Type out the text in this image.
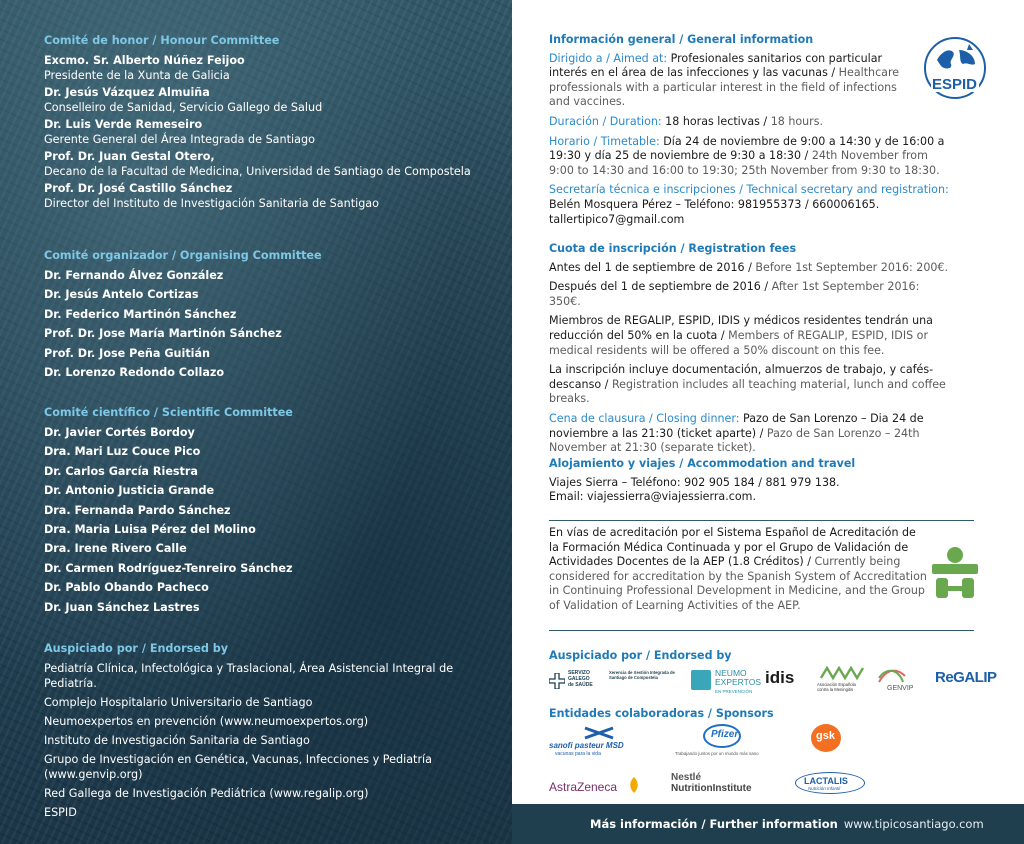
Comité de honor / Honour Committee
Excmo. Sr. Alberto Núñez Feijoo
Presidente de la Xunta de Galicia
Dr. Jesús Vázquez Almuiña
Conselleiro de Sanidad, Servicio Gallego de Salud
Dr. Luis Verde Remeseiro
Gerente General del Área Integrada de Santiago
Prof. Dr. Juan Gestal Otero,
Decano de la Facultad de Medicina, Universidad de Santiago de Compostela
Prof. Dr. José Castillo Sánchez
Director del Instituto de Investigación Sanitaria de Santigao
Comité organizador / Organising Committee
Dr. Fernando Álvez González
Dr. Jesús Antelo Cortizas
Dr. Federico Martinón Sánchez
Prof. Dr. Jose María Martinón Sánchez
Prof. Dr. Jose Peña Guitián
Dr. Lorenzo Redondo Collazo
Comité científico / Scientific Committee
Dr. Javier Cortés Bordoy
Dra. Mari Luz Couce Pico
Dr. Carlos García Riestra
Dr. Antonio Justicia Grande
Dra. Fernanda Pardo Sánchez
Dra. Maria Luisa Pérez del Molino
Dra. Irene Rivero Calle
Dr. Carmen Rodríguez-Tenreiro Sánchez
Dr. Pablo Obando Pacheco
Dr. Juan Sánchez Lastres
Auspiciado por / Endorsed by
Pediatría Clínica, Infectológica y Traslacional, Área Asistencial Integral de Pediatría.
Complejo Hospitalario Universitario de Santiago
Neumoexpertos en prevención (www.neumoexpertos.org)
Instituto de Investigación Sanitaria de Santiago
Grupo de Investigación en Genética, Vacunas, Infecciones y Pediatría (www.genvip.org)
Red Gallega de Investigación Pediátrica (www.regalip.org)
ESPID
ESPID
Información general / General information
Dirigido a / Aimed at: Profesionales sanitarios con particular interés en el área de las infecciones y las vacunas / Healthcare professionals with a particular interest in the field of infections and vaccines.
Duración / Duration: 18 horas lectivas / 18 hours.
Horario / Timetable: Día 24 de noviembre de 9:00 a 14:30 y de 16:00 a 19:30 y día 25 de noviembre de 9:30 a 18:30 / 24th November from 9:00 to 14:30 and 16:00 to 19:30; 25th November from 9:30 to 18:30.
Secretaría técnica e inscripciones / Technical secretary and registration: Belén Mosquera Pérez – Teléfono: 981955373 / 660006165. tallertipico7@gmail.com
Cuota de inscripción / Registration fees
Antes del 1 de septiembre de 2016 / Before 1st September 2016: 200€.
Después del 1 de septiembre de 2016 / After 1st September 2016: 350€.
Miembros de REGALIP, ESPID, IDIS y médicos residentes tendrán una reducción del 50% en la cuota / Members of REGALIP, ESPID, IDIS or medical residents will be offered a 50% discount on this fee.
La inscripción incluye documentación, almuerzos de trabajo, y cafés-descanso / Registration includes all teaching material, lunch and coffee breaks.
Cena de clausura / Closing dinner: Pazo de San Lorenzo – Dia 24 de noviembre a las 21:30 (ticket aparte) / Pazo de San Lorenzo – 24th November at 21:30 (separate ticket).
Alojamiento y viajes / Accommodation and travel
Viajes Sierra – Teléfono: 902 905 184 / 881 979 138.
Email: viajessierra@viajessierra.com.
En vías de acreditación por el Sistema Español de Acreditación de la Formación Médica Continuada y por el Grupo de Validación de Actividades Docentes de la AEP (1.8 Créditos) / Currently being considered for accreditation by the Spanish System of Accreditation in Continuing Professional Development in Medicine, and the Group of Validation of Learning Activities of the AEP.
Auspiciado por / Endorsed by
SERVIZO
GALEGO
de SAÚDE
Xerencia de Xestión Integrada de Santiago de Compostela	NEUMO
EXPERTOS
EN PREVENCIÓN
idis	Asociación Española
contra la Meningitis	GENVIP
ReGALIP
Entidades colaboradoras / Sponsors
sanofi pasteur MSD
vacunas para la vida
Pfizer
Trabajando juntos por un mundo más sano
gsk
AstraZeneca
Nestlé
NutritionInstitute
LACTALIS
Nutrición Infantil
Más información / Further information www.tipicosantiago.com
